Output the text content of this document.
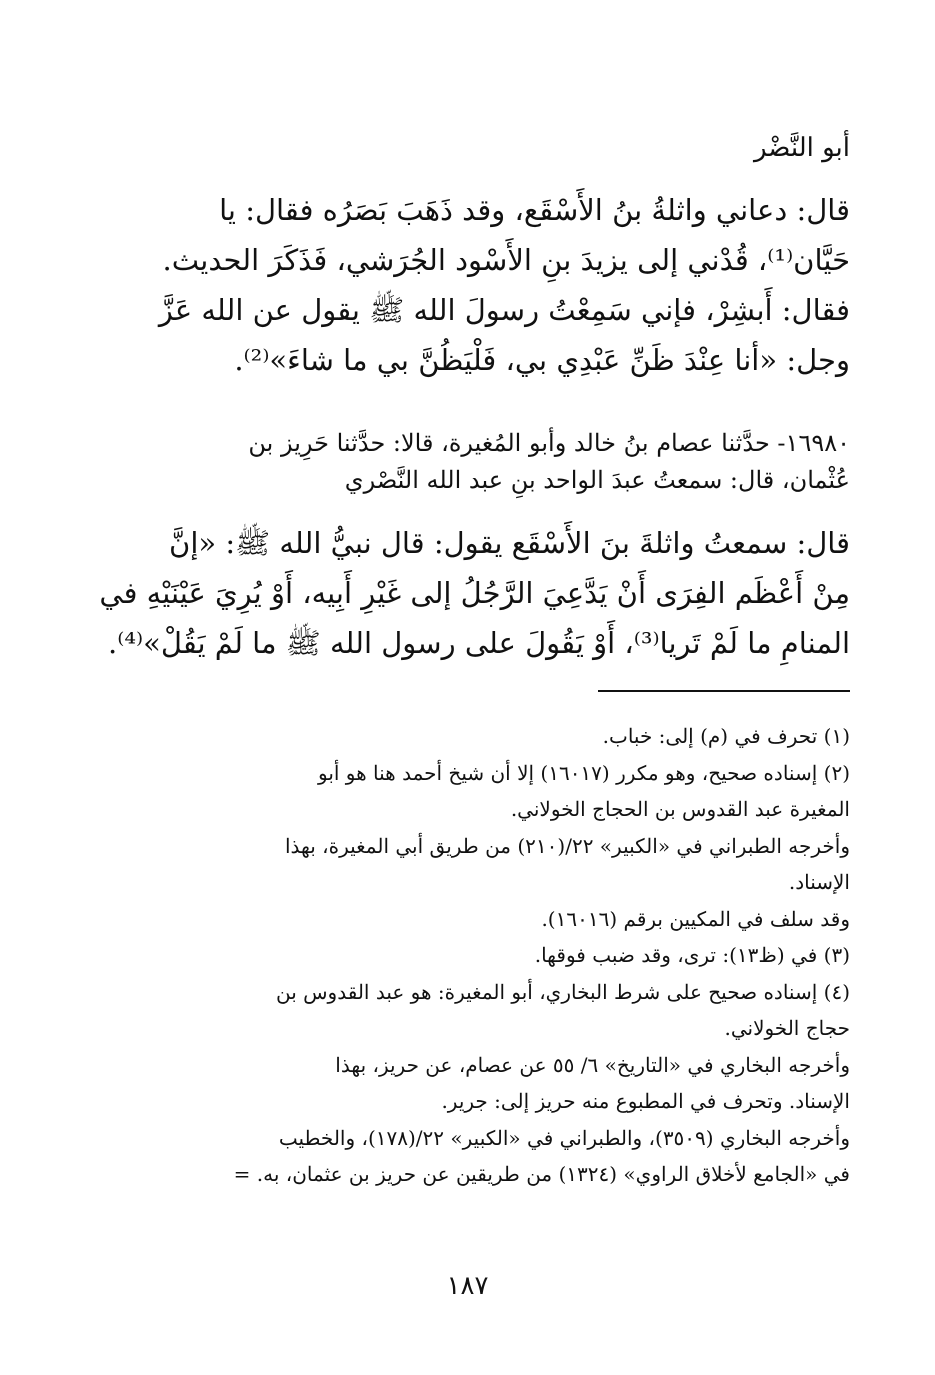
أبو النَّضْر
قال: دعاني واثلةُ بنُ الأَسْقَع، وقد ذَهَبَ بَصَرُه فقال: يا
حَيَّان⁽¹⁾، قُدْني إلى يزيدَ بنِ الأَسْود الجُرَشي، فَذَكَرَ الحديث.
فقال: أَبشِرْ، فإني سَمِعْتُ رسولَ الله ﷺ يقول عن الله عَزَّ
وجل: «أنا عِنْدَ ظَنِّ عَبْدِي بي، فَلْيَظُنَّ بي ما شاءَ»⁽²⁾.
١٦٩٨٠- حدَّثنا عصام بنُ خالد وأبو المُغيرة، قالا: حدَّثنا حَرِيز بن
عُثْمان، قال: سمعتُ عبدَ الواحد بنِ عبد الله النَّصْري
قال: سمعتُ واثلةَ بنَ الأَسْقَع يقول: قال نبيُّ الله ﷺ: «إنَّ
مِنْ أَعْظَم الفِرَى أَنْ يَدَّعِيَ الرَّجُلُ إلى غَيْرِ أَبِيه، أَوْ يُرِيَ عَيْنَيْهِ في
المنامِ ما لَمْ تَريا⁽³⁾، أَوْ يَقُولَ على رسول الله ﷺ ما لَمْ يَقُلْ»⁽⁴⁾.
(١) تحرف في (م) إلى: خباب.
(٢) إسناده صحيح، وهو مكرر (١٦٠١٧) إلا أن شيخ أحمد هنا هو أبو
المغيرة عبد القدوس بن الحجاج الخولاني.
وأخرجه الطبراني في «الكبير» ٢٢/(٢١٠) من طريق أبي المغيرة، بهذا
الإسناد.
وقد سلف في المكيين برقم (١٦٠١٦).
(٣) في (ظ١٣): ترى، وقد ضبب فوقها.
(٤) إسناده صحيح على شرط البخاري، أبو المغيرة: هو عبد القدوس بن
حجاج الخولاني.
وأخرجه البخاري في «التاريخ» ٦/ ٥٥ عن عصام، عن حريز، بهذا
الإسناد. وتحرف في المطبوع منه حريز إلى: جرير.
وأخرجه البخاري (٣٥٠٩)، والطبراني في «الكبير» ٢٢/(١٧٨)، والخطيب
في «الجامع لأخلاق الراوي» (١٣٢٤) من طريقين عن حريز بن عثمان، به. =
١٨٧
